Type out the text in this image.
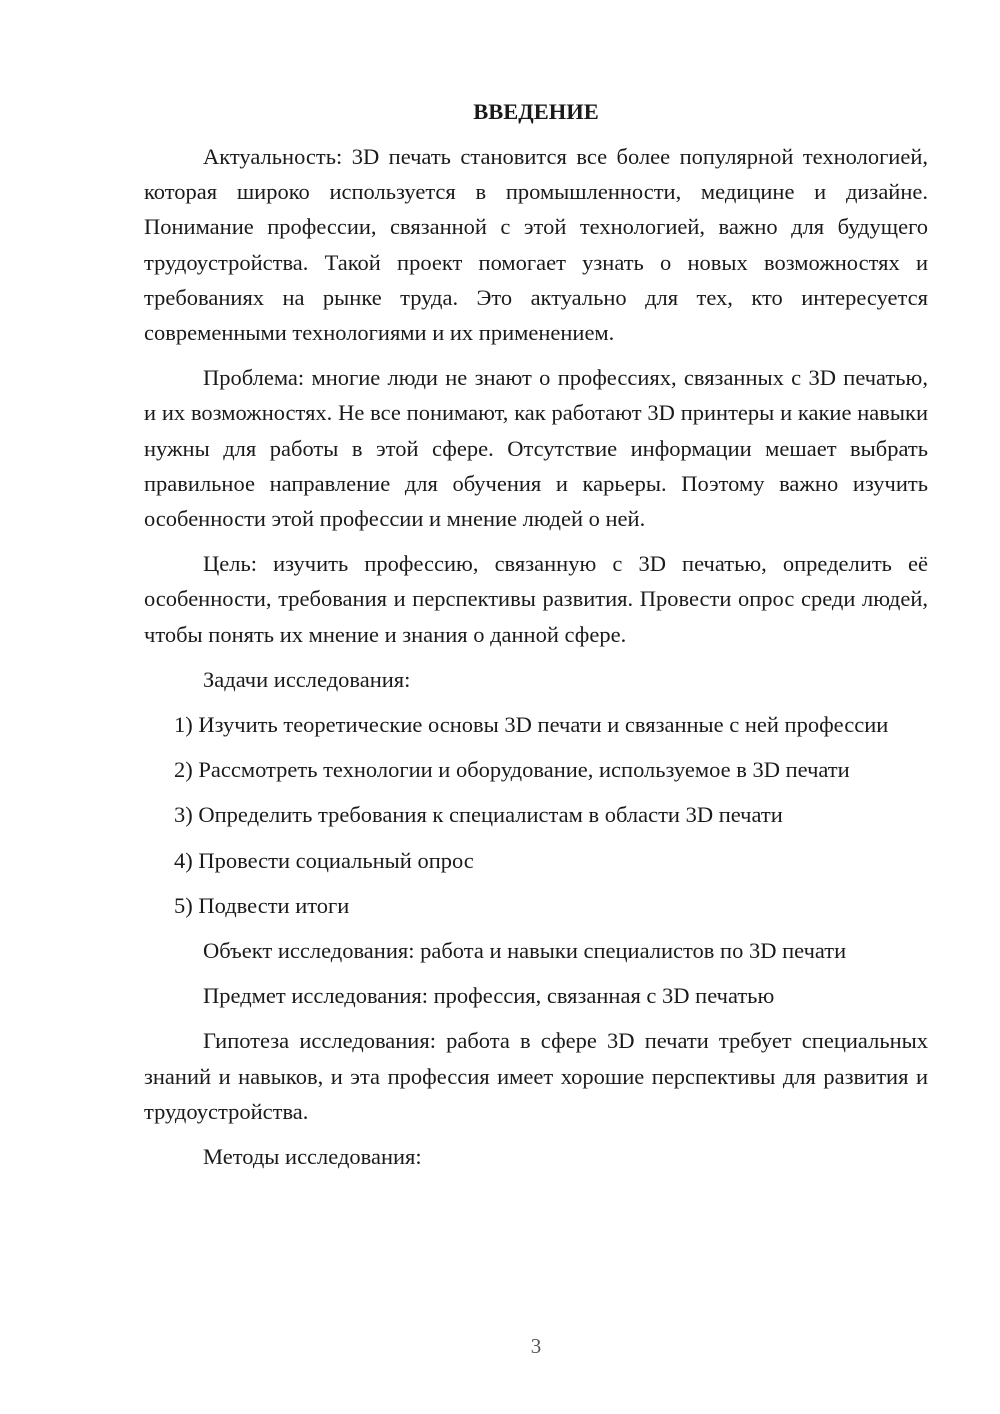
ВВЕДЕНИЕ

Актуальность: 3D печать становится все более популярной технологией, которая широко используется в промышленности, медицине и дизайне. Понимание профессии, связанной с этой технологией, важно для будущего трудоустройства. Такой проект помогает узнать о новых возможностях и требованиях на рынке труда. Это актуально для тех, кто интересуется современными технологиями и их применением.

Проблема: многие люди не знают о профессиях, связанных с 3D печатью, и их возможностях. Не все понимают, как работают 3D принтеры и какие навыки нужны для работы в этой сфере. Отсутствие информации мешает выбрать правильное направление для обучения и карьеры. Поэтому важно изучить особенности этой профессии и мнение людей о ней.

Цель: изучить профессию, связанную с 3D печатью, определить её особенности, требования и перспективы развития. Провести опрос среди людей, чтобы понять их мнение и знания о данной сфере.

Задачи исследования:

1) Изучить теоретические основы 3D печати и связанные с ней профессии

2) Рассмотреть технологии и оборудование, используемое в 3D печати

3) Определить требования к специалистам в области 3D печати

4) Провести социальный опрос

5) Подвести итоги

Объект исследования: работа и навыки специалистов по 3D печати

Предмет исследования: профессия, связанная с 3D печатью

Гипотеза исследования: работа в сфере 3D печати требует специальных знаний и навыков, и эта профессия имеет хорошие перспективы для развития и трудоустройства.

Методы исследования:

3
